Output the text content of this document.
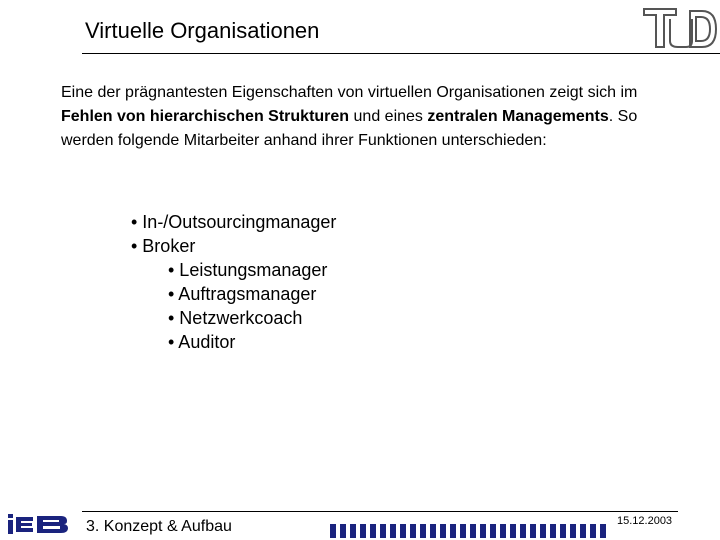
Virtuelle Organisationen

Eine der prägnantesten Eigenschaften von virtuellen Organisationen zeigt sich im Fehlen von hierarchischen Strukturen und eines zentralen Managements. So werden folgende Mitarbeiter anhand ihrer Funktionen unterschieden:

• In-/Outsourcingmanager
• Broker
• Leistungsmanager
• Auftragsmanager
• Netzwerkcoach
• Auditor
3. Konzept & Aufbau	15.12.2003
